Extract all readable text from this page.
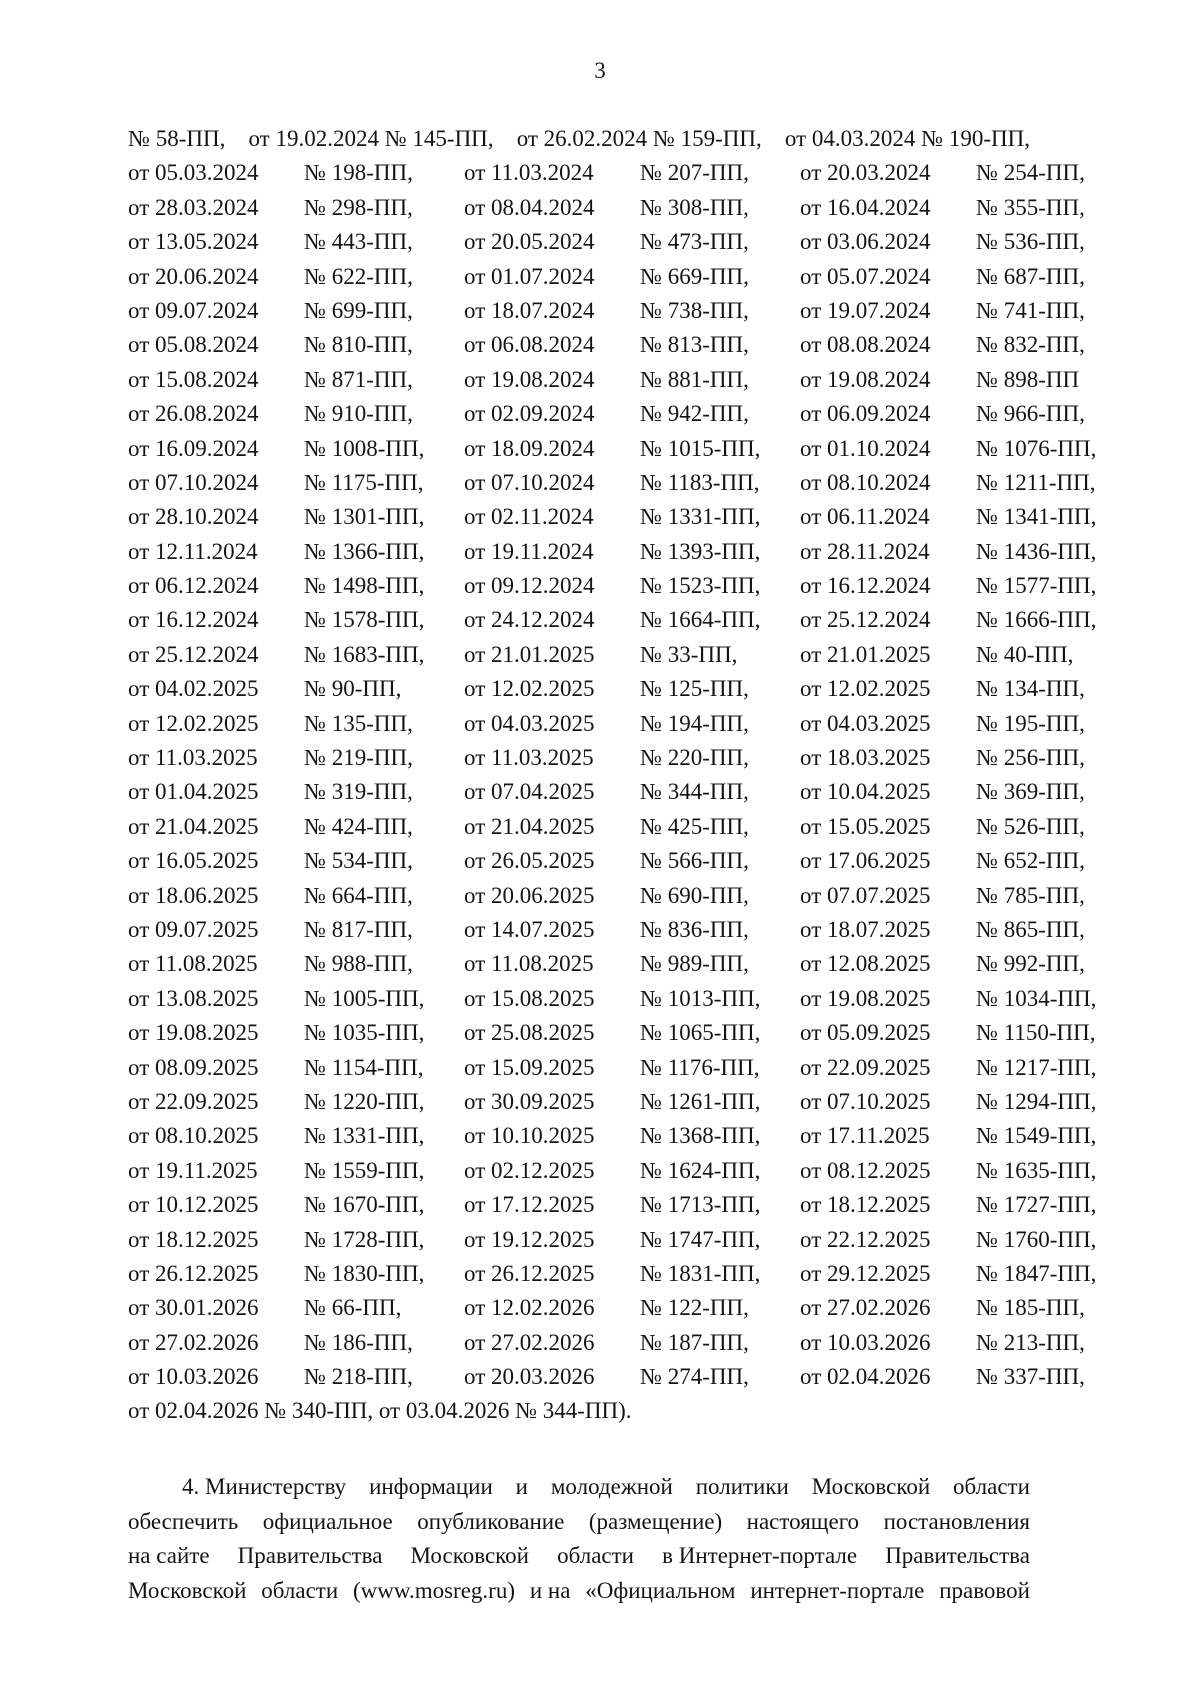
3
№ 58-ПП, от 19.02.2024 № 145-ПП, от 26.02.2024 № 159-ПП, от 04.03.2024 № 190-ПП,
от 05.03.2024	№ 198-ПП,	от 11.03.2024	№ 207-ПП,	от 20.03.2024	№ 254-ПП,
от 28.03.2024	№ 298-ПП,	от 08.04.2024	№ 308-ПП,	от 16.04.2024	№ 355-ПП,
от 13.05.2024	№ 443-ПП,	от 20.05.2024	№ 473-ПП,	от 03.06.2024	№ 536-ПП,
от 20.06.2024	№ 622-ПП,	от 01.07.2024	№ 669-ПП,	от 05.07.2024	№ 687-ПП,
от 09.07.2024	№ 699-ПП,	от 18.07.2024	№ 738-ПП,	от 19.07.2024	№ 741-ПП,
от 05.08.2024	№ 810-ПП,	от 06.08.2024	№ 813-ПП,	от 08.08.2024	№ 832-ПП,
от 15.08.2024	№ 871-ПП,	от 19.08.2024	№ 881-ПП,	от 19.08.2024	№ 898-ПП
от 26.08.2024	№ 910-ПП,	от 02.09.2024	№ 942-ПП,	от 06.09.2024	№ 966-ПП,
от 16.09.2024	№ 1008-ПП,	от 18.09.2024	№ 1015-ПП,	от 01.10.2024	№ 1076-ПП,
от 07.10.2024	№ 1175-ПП,	от 07.10.2024	№ 1183-ПП,	от 08.10.2024	№ 1211-ПП,
от 28.10.2024	№ 1301-ПП,	от 02.11.2024	№ 1331-ПП,	от 06.11.2024	№ 1341-ПП,
от 12.11.2024	№ 1366-ПП,	от 19.11.2024	№ 1393-ПП,	от 28.11.2024	№ 1436-ПП,
от 06.12.2024	№ 1498-ПП,	от 09.12.2024	№ 1523-ПП,	от 16.12.2024	№ 1577-ПП,
от 16.12.2024	№ 1578-ПП,	от 24.12.2024	№ 1664-ПП,	от 25.12.2024	№ 1666-ПП,
от 25.12.2024	№ 1683-ПП,	от 21.01.2025	№ 33-ПП,	от 21.01.2025	№ 40-ПП,
от 04.02.2025	№ 90-ПП,	от 12.02.2025	№ 125-ПП,	от 12.02.2025	№ 134-ПП,
от 12.02.2025	№ 135-ПП,	от 04.03.2025	№ 194-ПП,	от 04.03.2025	№ 195-ПП,
от 11.03.2025	№ 219-ПП,	от 11.03.2025	№ 220-ПП,	от 18.03.2025	№ 256-ПП,
от 01.04.2025	№ 319-ПП,	от 07.04.2025	№ 344-ПП,	от 10.04.2025	№ 369-ПП,
от 21.04.2025	№ 424-ПП,	от 21.04.2025	№ 425-ПП,	от 15.05.2025	№ 526-ПП,
от 16.05.2025	№ 534-ПП,	от 26.05.2025	№ 566-ПП,	от 17.06.2025	№ 652-ПП,
от 18.06.2025	№ 664-ПП,	от 20.06.2025	№ 690-ПП,	от 07.07.2025	№ 785-ПП,
от 09.07.2025	№ 817-ПП,	от 14.07.2025	№ 836-ПП,	от 18.07.2025	№ 865-ПП,
от 11.08.2025	№ 988-ПП,	от 11.08.2025	№ 989-ПП,	от 12.08.2025	№ 992-ПП,
от 13.08.2025	№ 1005-ПП,	от 15.08.2025	№ 1013-ПП,	от 19.08.2025	№ 1034-ПП,
от 19.08.2025	№ 1035-ПП,	от 25.08.2025	№ 1065-ПП,	от 05.09.2025	№ 1150-ПП,
от 08.09.2025	№ 1154-ПП,	от 15.09.2025	№ 1176-ПП,	от 22.09.2025	№ 1217-ПП,
от 22.09.2025	№ 1220-ПП,	от 30.09.2025	№ 1261-ПП,	от 07.10.2025	№ 1294-ПП,
от 08.10.2025	№ 1331-ПП,	от 10.10.2025	№ 1368-ПП,	от 17.11.2025	№ 1549-ПП,
от 19.11.2025	№ 1559-ПП,	от 02.12.2025	№ 1624-ПП,	от 08.12.2025	№ 1635-ПП,
от 10.12.2025	№ 1670-ПП,	от 17.12.2025	№ 1713-ПП,	от 18.12.2025	№ 1727-ПП,
от 18.12.2025	№ 1728-ПП,	от 19.12.2025	№ 1747-ПП,	от 22.12.2025	№ 1760-ПП,
от 26.12.2025	№ 1830-ПП,	от 26.12.2025	№ 1831-ПП,	от 29.12.2025	№ 1847-ПП,
от 30.01.2026	№ 66-ПП,	от 12.02.2026	№ 122-ПП,	от 27.02.2026	№ 185-ПП,
от 27.02.2026	№ 186-ПП,	от 27.02.2026	№ 187-ПП,	от 10.03.2026	№ 213-ПП,
от 10.03.2026	№ 218-ПП,	от 20.03.2026	№ 274-ПП,	от 02.04.2026	№ 337-ПП,
от 02.04.2026 № 340-ПП, от 03.04.2026 № 344-ПП).
4. Министерству информации и молодежной политики Московской области
обеспечить официальное опубликование (размещение) настоящего постановления
на сайте Правительства Московской области в Интернет-портале Правительства
Московской области (www.mosreg.ru) и на «Официальном интернет-портале правовой
